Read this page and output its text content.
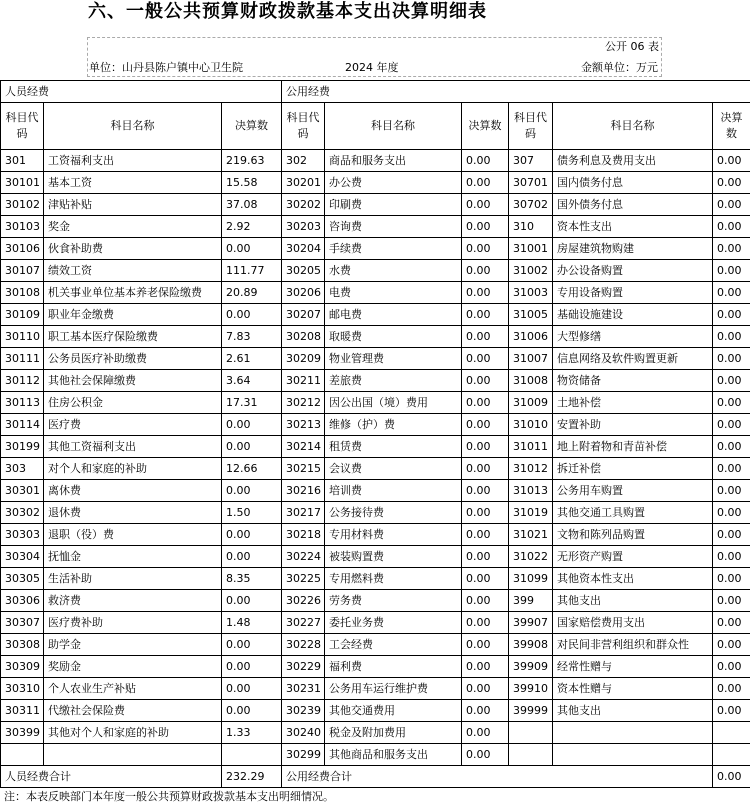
六、一般公共预算财政拨款基本支出决算明细表
公开 06 表
单位：山丹县陈户镇中心卫生院	2024 年度	金额单位：万元
人员经费			公用经费					
科目代码	科目名称	决算数	科目代码	科目名称	决算数	科目代码	科目名称	决算数
301	工资福利支出	219.63	302	商品和服务支出	0.00	307	债务利息及费用支出	0.00
30101	基本工资	15.58	30201	办公费	0.00	30701	国内债务付息	0.00
30102	津贴补贴	37.08	30202	印刷费	0.00	30702	国外债务付息	0.00
30103	奖金	2.92	30203	咨询费	0.00	310	资本性支出	0.00
30106	伙食补助费	0.00	30204	手续费	0.00	31001	房屋建筑物购建	0.00
30107	绩效工资	111.77	30205	水费	0.00	31002	办公设备购置	0.00
30108	机关事业单位基本养老保险缴费	20.89	30206	电费	0.00	31003	专用设备购置	0.00
30109	职业年金缴费	0.00	30207	邮电费	0.00	31005	基础设施建设	0.00
30110	职工基本医疗保险缴费	7.83	30208	取暖费	0.00	31006	大型修缮	0.00
30111	公务员医疗补助缴费	2.61	30209	物业管理费	0.00	31007	信息网络及软件购置更新	0.00
30112	其他社会保障缴费	3.64	30211	差旅费	0.00	31008	物资储备	0.00
30113	住房公积金	17.31	30212	因公出国（境）费用	0.00	31009	土地补偿	0.00
30114	医疗费	0.00	30213	维修（护）费	0.00	31010	安置补助	0.00
30199	其他工资福利支出	0.00	30214	租赁费	0.00	31011	地上附着物和青苗补偿	0.00
303	对个人和家庭的补助	12.66	30215	会议费	0.00	31012	拆迁补偿	0.00
30301	离休费	0.00	30216	培训费	0.00	31013	公务用车购置	0.00
30302	退休费	1.50	30217	公务接待费	0.00	31019	其他交通工具购置	0.00
30303	退职（役）费	0.00	30218	专用材料费	0.00	31021	文物和陈列品购置	0.00
30304	抚恤金	0.00	30224	被装购置费	0.00	31022	无形资产购置	0.00
30305	生活补助	8.35	30225	专用燃料费	0.00	31099	其他资本性支出	0.00
30306	救济费	0.00	30226	劳务费	0.00	399	其他支出	0.00
30307	医疗费补助	1.48	30227	委托业务费	0.00	39907	国家赔偿费用支出	0.00
30308	助学金	0.00	30228	工会经费	0.00	39908	对民间非营利组织和群众性	0.00
30309	奖励金	0.00	30229	福利费	0.00	39909	经常性赠与	0.00
30310	个人农业生产补贴	0.00	30231	公务用车运行维护费	0.00	39910	资本性赠与	0.00
30311	代缴社会保险费	0.00	30239	其他交通费用	0.00	39999	其他支出	0.00
30399	其他对个人和家庭的补助	1.33	30240	税金及附加费用	0.00			
			30299	其他商品和服务支出	0.00			
人员经费合计		232.29	公用经费合计					0.00
注：本表反映部门本年度一般公共预算财政拨款基本支出明细情况。
